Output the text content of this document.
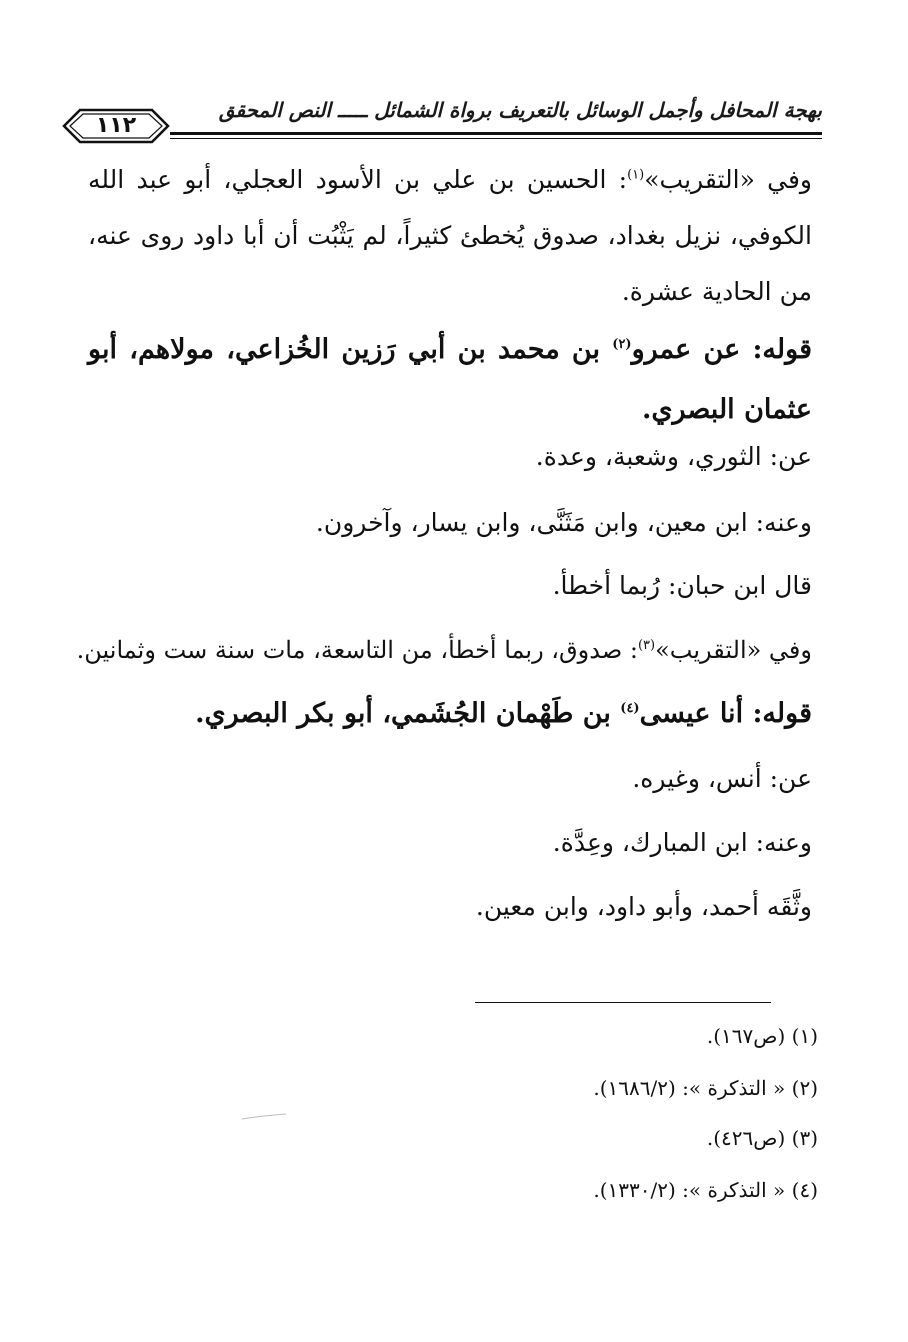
بهجة المحافل وأجمل الوسائل بالتعريف برواة الشمائل ـــــ النص المحقق
١١٢
وفي «التقريب»$^{(١)}$: الحسين بن علي بن الأسود العجلي، أبو عبد الله الكوفي، نزيل بغداد، صدوق يُخطئ كثيراً، لم يَثْبُت أن أبا داود روى عنه، من الحادية عشرة.
قوله: عن عمرو$^{(٢)}$ بن محمد بن أبي رَزين الخُزاعي، مولاهم، أبو عثمان البصري.
عن: الثوري، وشعبة، وعدة.
وعنه: ابن معين، وابن مَثَنَّى، وابن يسار، وآخرون.
قال ابن حبان: رُبما أخطأ.
وفي «التقريب»$^{(٣)}$: صدوق، ربما أخطأ، من التاسعة، مات سنة ست وثمانين.
قوله: أنا عيسى$^{(٤)}$ بن طَهْمان الجُشَمي، أبو بكر البصري.
عن: أنس، وغيره.
وعنه: ابن المبارك، وعِدَّة.
وثَّقَه أحمد، وأبو داود، وابن معين.
(١) (ص١٦٧).
(٢) « التذكرة »: (١٦٨٦/٢).
(٣) (ص٤٢٦).
(٤) « التذكرة »: (١٣٣٠/٢).
